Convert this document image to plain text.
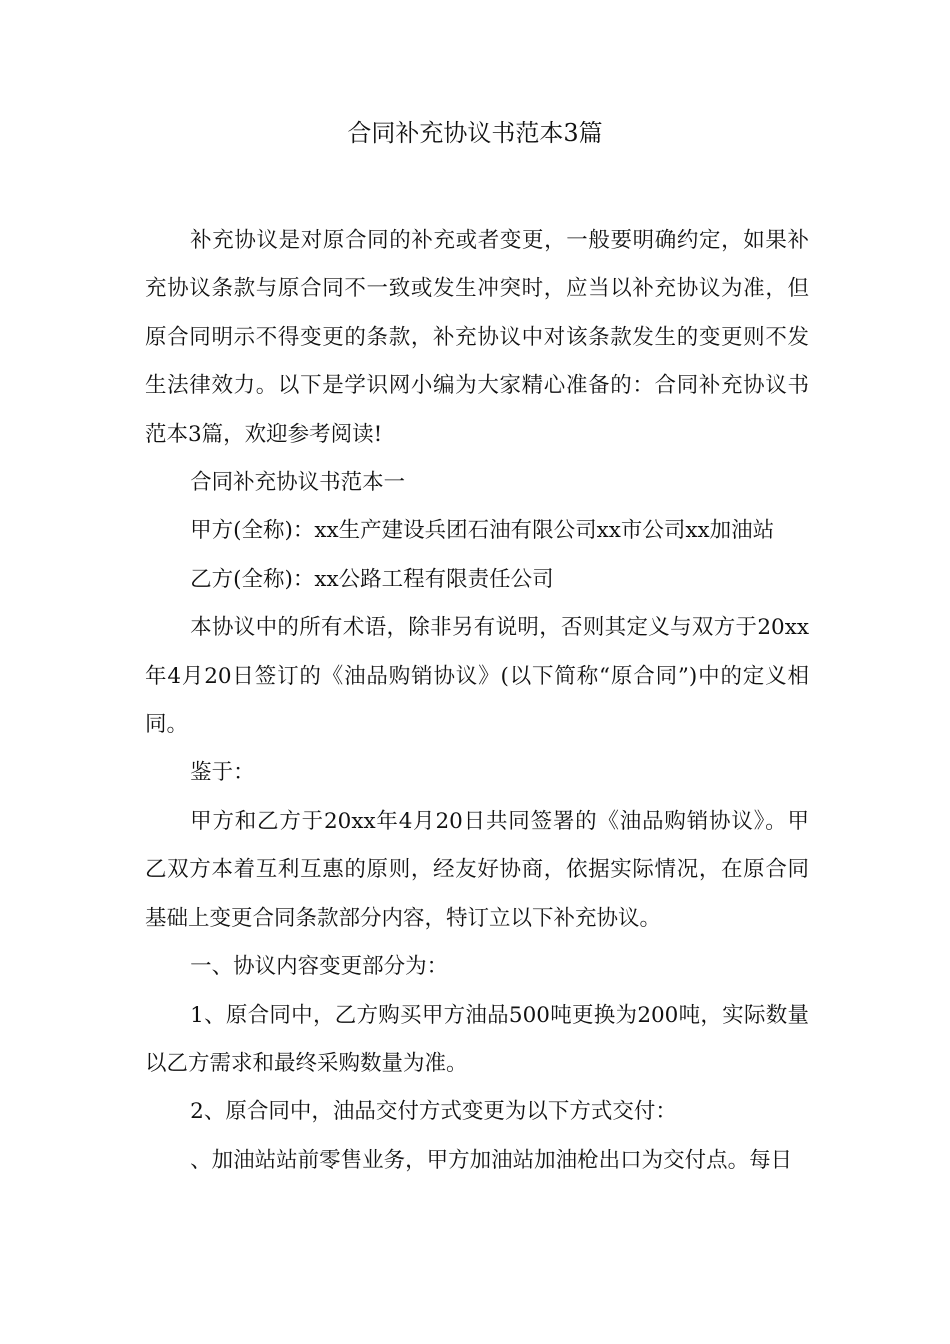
合同补充协议书范本3篇

补充协议是对原合同的补充或者变更，一般要明确约定，如果补充协议条款与原合同不一致或发生冲突时，应当以补充协议为准，但原合同明示不得变更的条款，补充协议中对该条款发生的变更则不发生法律效力。以下是学识网小编为大家精心准备的：合同补充协议书范本3篇，欢迎参考阅读!

合同补充协议书范本一

甲方(全称)：xx生产建设兵团石油有限公司xx市公司xx加油站

乙方(全称)：xx公路工程有限责任公司

本协议中的所有术语，除非另有说明，否则其定义与双方于20xx年4月20日签订的《油品购销协议》(以下简称“原合同”)中的定义相同。

鉴于：

甲方和乙方于20xx年4月20日共同签署的《油品购销协议》。甲乙双方本着互利互惠的原则，经友好协商，依据实际情况，在原合同基础上变更合同条款部分内容，特订立以下补充协议。

一、协议内容变更部分为：

1、原合同中，乙方购买甲方油品500吨更换为200吨，实际数量以乙方需求和最终采购数量为准。

2、原合同中，油品交付方式变更为以下方式交付：

、加油站站前零售业务，甲方加油站加油枪出口为交付点。每日
